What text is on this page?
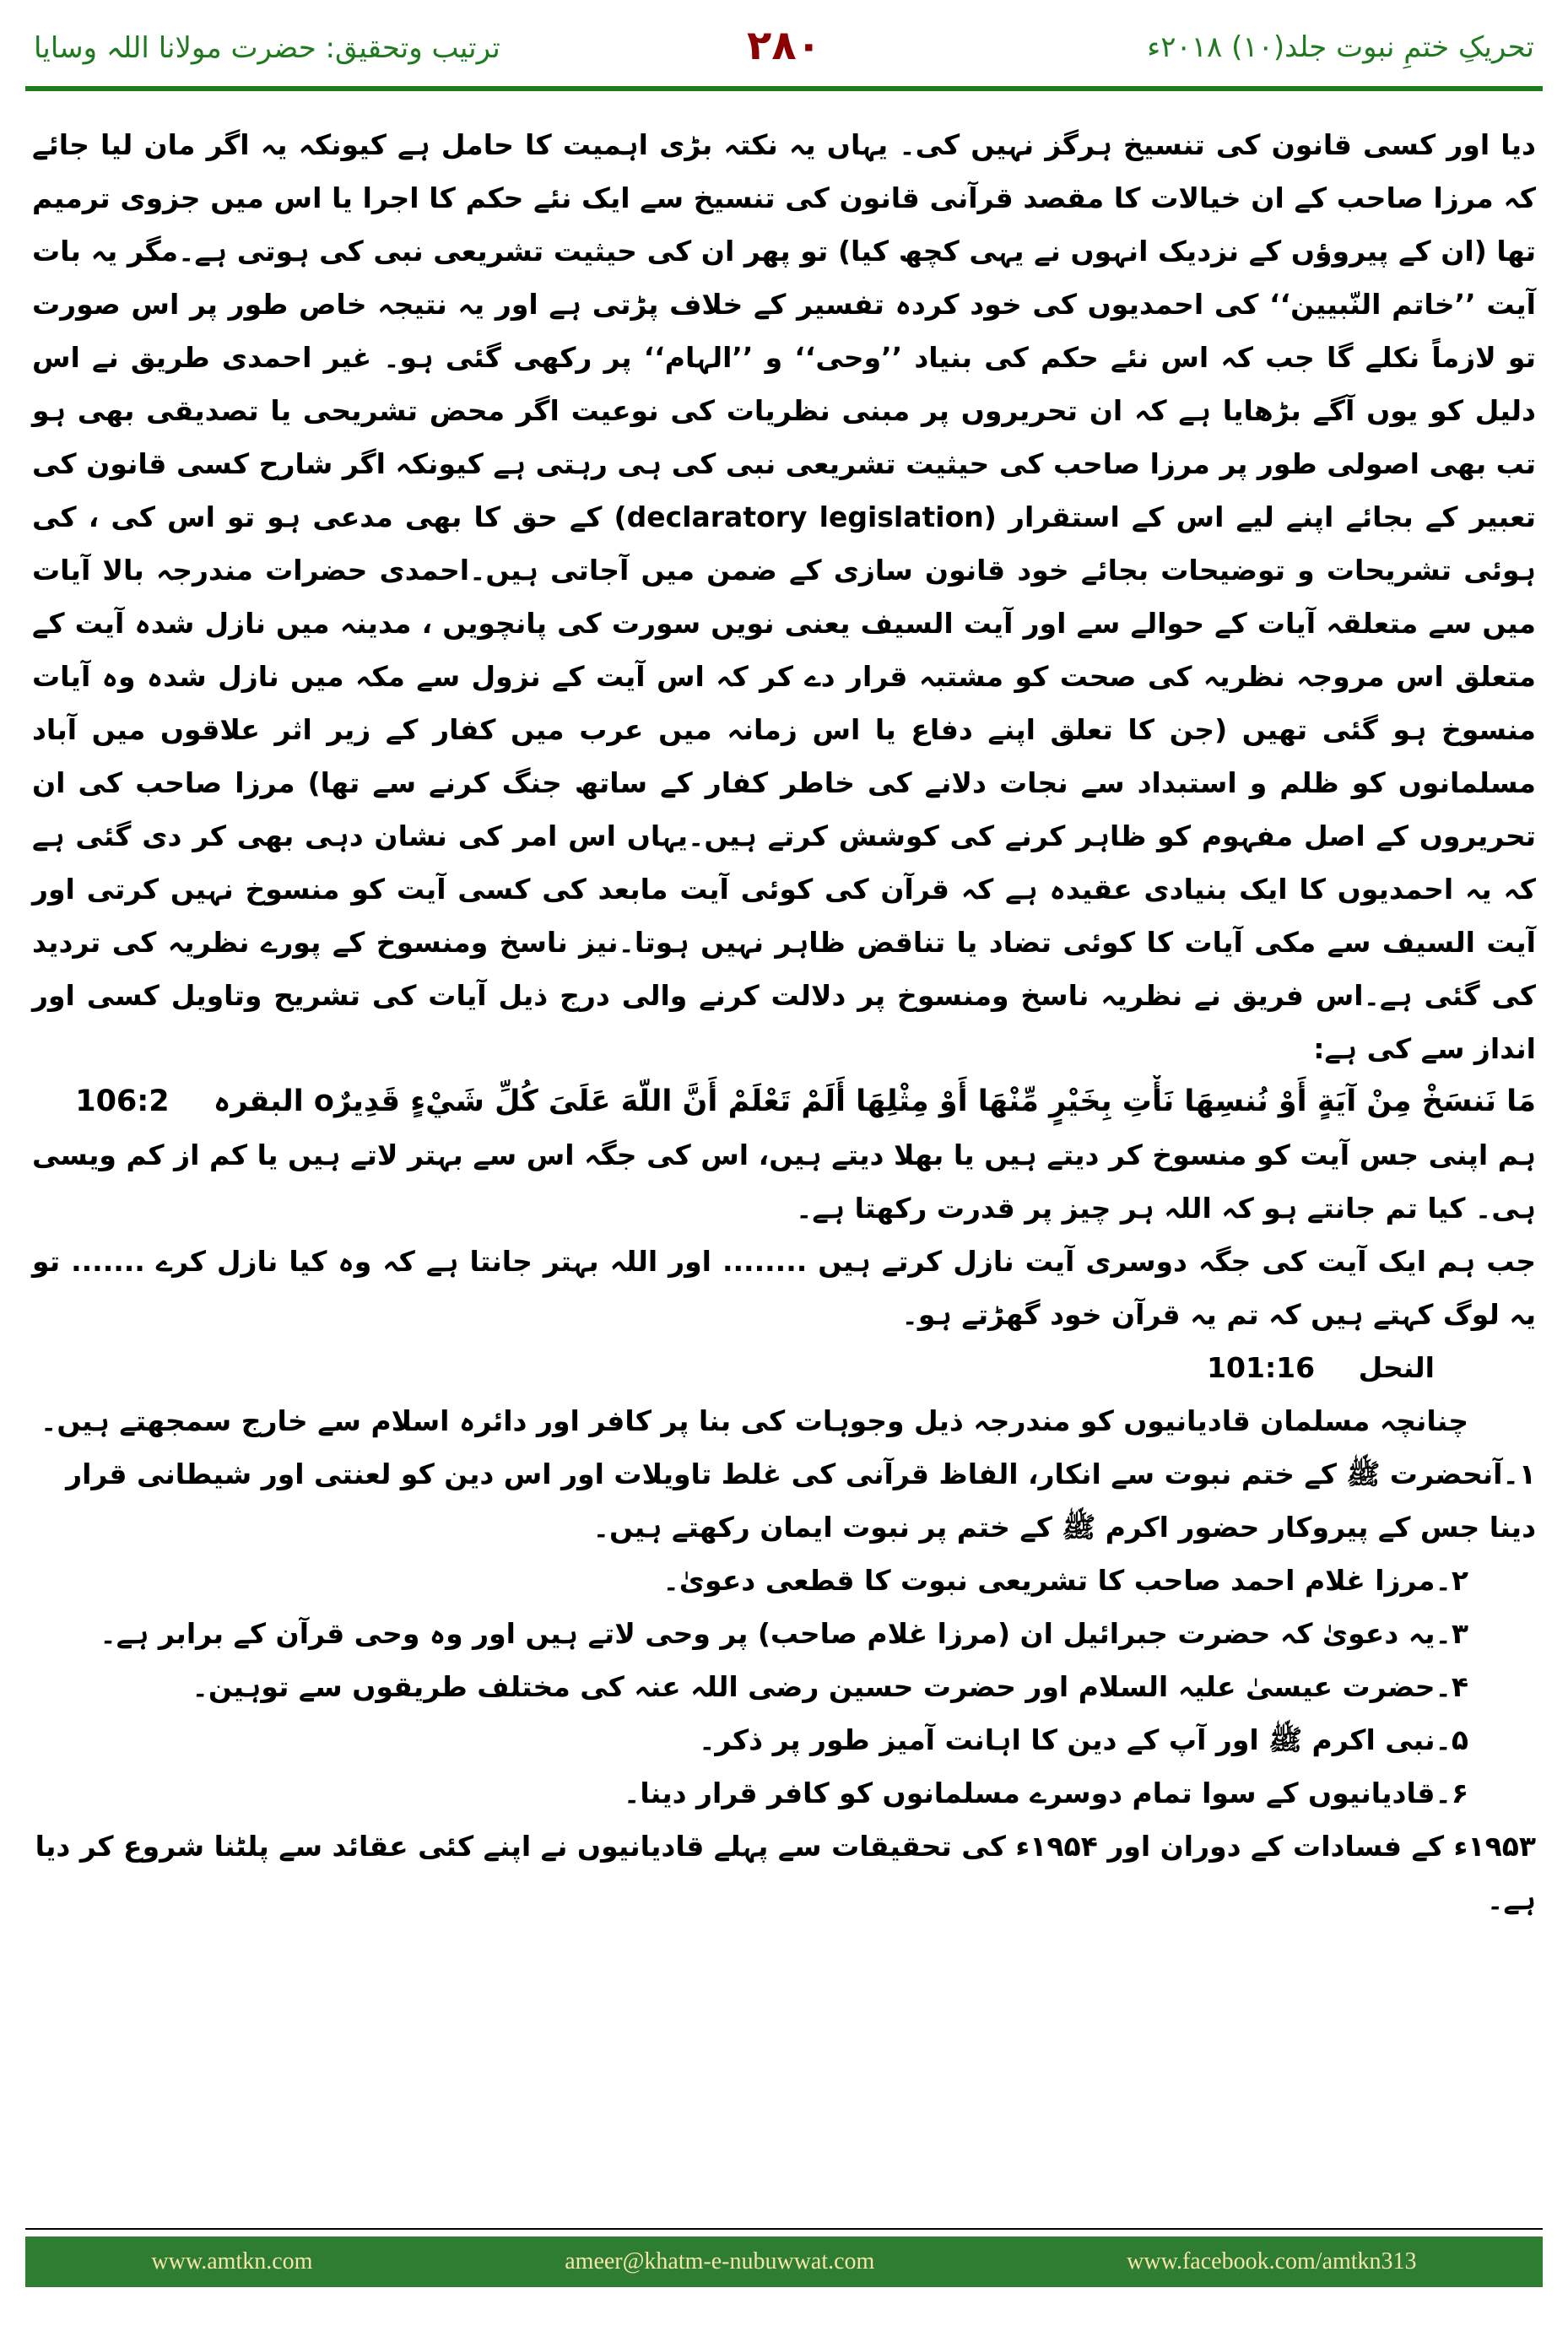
ترتیب وتحقیق: حضرت مولانا اللہ وسایا	۲۸۰	تحریکِ ختمِ نبوت جلد(۱۰) ۲۰۱۸ء

دیا اور کسی قانون کی تنسیخ ہرگز نہیں کی۔ یہاں یہ نکتہ بڑی اہمیت کا حامل ہے کیونکہ یہ اگر مان لیا جائے کہ مرزا صاحب کے ان خیالات کا مقصد قرآنی قانون کی تنسیخ سے ایک نئے حکم کا اجرا یا اس میں جزوی ترمیم تھا (ان کے پیروؤں کے نزدیک انہوں نے یہی کچھ کیا) تو پھر ان کی حیثیت تشریعی نبی کی ہوتی ہے۔مگر یہ بات آیت ’’خاتم النّبیین‘‘ کی احمدیوں کی خود کردہ تفسیر کے خلاف پڑتی ہے اور یہ نتیجہ خاص طور پر اس صورت تو لازماً نکلے گا جب کہ اس نئے حکم کی بنیاد ’’وحی‘‘ و ’’الہام‘‘ پر رکھی گئی ہو۔ غیر احمدی طریق نے اس دلیل کو یوں آگے بڑھایا ہے کہ ان تحریروں پر مبنی نظریات کی نوعیت اگر محض تشریحی یا تصدیقی بھی ہو تب بھی اصولی طور پر مرزا صاحب کی حیثیت تشریعی نبی کی ہی رہتی ہے کیونکہ اگر شارح کسی قانون کی تعبیر کے بجائے اپنے لیے اس کے استقرار (declaratory legislation) کے حق کا بھی مدعی ہو تو اس کی ، کی ہوئی تشریحات و توضیحات بجائے خود قانون سازی کے ضمن میں آجاتی ہیں۔احمدی حضرات مندرجہ بالا آیات میں سے متعلقہ آیات کے حوالے سے اور آیت السیف یعنی نویں سورت کی پانچویں ، مدینہ میں نازل شدہ آیت کے متعلق اس مروجہ نظریہ کی صحت کو مشتبہ قرار دے کر کہ اس آیت کے نزول سے مکہ میں نازل شدہ وہ آیات منسوخ ہو گئی تھیں (جن کا تعلق اپنے دفاع یا اس زمانہ میں عرب میں کفار کے زیر اثر علاقوں میں آباد مسلمانوں کو ظلم و استبداد سے نجات دلانے کی خاطر کفار کے ساتھ جنگ کرنے سے تھا) مرزا صاحب کی ان تحریروں کے اصل مفہوم کو ظاہر کرنے کی کوشش کرتے ہیں۔یہاں اس امر کی نشان دہی بھی کر دی گئی ہے کہ یہ احمدیوں کا ایک بنیادی عقیدہ ہے کہ قرآن کی کوئی آیت مابعد کی کسی آیت کو منسوخ نہیں کرتی اور آیت السیف سے مکی آیات کا کوئی تضاد یا تناقض ظاہر نہیں ہوتا۔نیز ناسخ ومنسوخ کے پورے نظریہ کی تردید کی گئی ہے۔اس فریق نے نظریہ ناسخ ومنسوخ پر دلالت کرنے والی درج ذیل آیات کی تشریح وتاویل کسی اور انداز سے کی ہے:

مَا نَنسَخْ مِنْ آيَةٍ أَوْ نُنسِهَا نَأْتِ بِخَيْرٍ مِّنْهَا أَوْ مِثْلِهَا أَلَمْ تَعْلَمْ أَنَّ اللّهَ عَلَىَ كُلِّ شَيْءٍ قَدِيرٌo البقرہ 106:2

ہم اپنی جس آیت کو منسوخ کر دیتے ہیں یا بھلا دیتے ہیں، اس کی جگہ اس سے بہتر لاتے ہیں یا کم از کم ویسی ہی۔ کیا تم جانتے ہو کہ اللہ ہر چیز پر قدرت رکھتا ہے۔

جب ہم ایک آیت کی جگہ دوسری آیت نازل کرتے ہیں ........ اور اللہ بہتر جانتا ہے کہ وہ کیا نازل کرے ....... تو یہ لوگ کہتے ہیں کہ تم یہ قرآن خود گھڑتے ہو۔

النحل 101:16

چنانچہ مسلمان قادیانیوں کو مندرجہ ذیل وجوہات کی بنا پر کافر اور دائرہ اسلام سے خارج سمجھتے ہیں۔

۱۔آنحضرت ﷺ کے ختم نبوت سے انکار، الفاظ قرآنی کی غلط تاویلات اور اس دین کو لعنتی اور شیطانی قرار دینا جس کے پیروکار حضور اکرم ﷺ کے ختم پر نبوت ایمان رکھتے ہیں۔
۲۔مرزا غلام احمد صاحب کا تشریعی نبوت کا قطعی دعویٰ۔
۳۔یہ دعویٰ کہ حضرت جبرائیل ان (مرزا غلام صاحب) پر وحی لاتے ہیں اور وہ وحی قرآن کے برابر ہے۔
۴۔حضرت عیسیٰ علیہ السلام اور حضرت حسین رضی اللہ عنہ کی مختلف طریقوں سے توہین۔
۵۔نبی اکرم ﷺ اور آپ کے دین کا اہانت آمیز طور پر ذکر۔
۶۔قادیانیوں کے سوا تمام دوسرے مسلمانوں کو کافر قرار دینا۔

۱۹۵۳ء کے فسادات کے دوران اور ۱۹۵۴ء کی تحقیقات سے پہلے قادیانیوں نے اپنے کئی عقائد سے پلٹنا شروع کر دیا ہے۔

www.amtkn.com	ameer@khatm-e-nubuwwat.com	www.facebook.com/amtkn313
